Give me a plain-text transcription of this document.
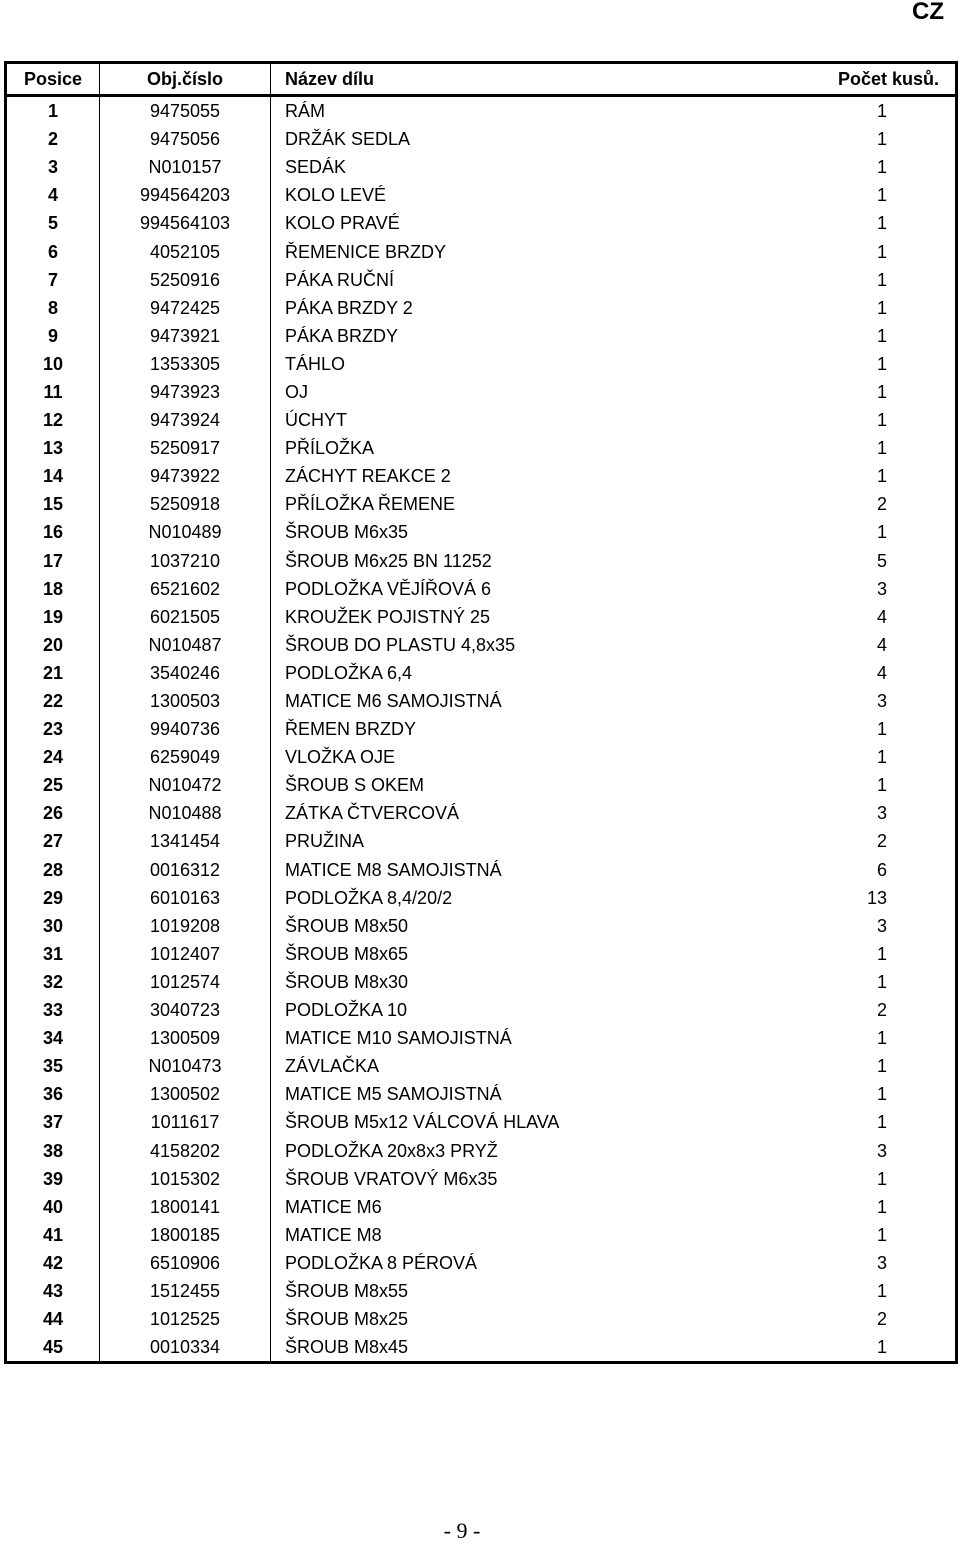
CZ
Posice	Obj.číslo	Název dílu	Počet kusů.
1	9475055	RÁM	1
2	9475056	DRŽÁK SEDLA	1
3	N010157	SEDÁK	1
4	994564203	KOLO LEVÉ	1
5	994564103	KOLO PRAVÉ	1
6	4052105	ŘEMENICE BRZDY	1
7	5250916	PÁKA RUČNÍ	1
8	9472425	PÁKA BRZDY 2	1
9	9473921	PÁKA BRZDY	1
10	1353305	TÁHLO	1
11	9473923	OJ	1
12	9473924	ÚCHYT	1
13	5250917	PŘÍLOŽKA	1
14	9473922	ZÁCHYT REAKCE 2	1
15	5250918	PŘÍLOŽKA ŘEMENE	2
16	N010489	ŠROUB M6x35	1
17	1037210	ŠROUB M6x25 BN 11252	5
18	6521602	PODLOŽKA VĚJÍŘOVÁ 6	3
19	6021505	KROUŽEK POJISTNÝ 25	4
20	N010487	ŠROUB DO PLASTU 4,8x35	4
21	3540246	PODLOŽKA 6,4	4
22	1300503	MATICE M6 SAMOJISTNÁ	3
23	9940736	ŘEMEN BRZDY	1
24	6259049	VLOŽKA OJE	1
25	N010472	ŠROUB S OKEM	1
26	N010488	ZÁTKA ČTVERCOVÁ	3
27	1341454	PRUŽINA	2
28	0016312	MATICE M8 SAMOJISTNÁ	6
29	6010163	PODLOŽKA 8,4/20/2	13
30	1019208	ŠROUB M8x50	3
31	1012407	ŠROUB M8x65	1
32	1012574	ŠROUB M8x30	1
33	3040723	PODLOŽKA 10	2
34	1300509	MATICE M10 SAMOJISTNÁ	1
35	N010473	ZÁVLAČKA	1
36	1300502	MATICE M5 SAMOJISTNÁ	1
37	1011617	ŠROUB M5x12 VÁLCOVÁ HLAVA	1
38	4158202	PODLOŽKA 20x8x3 PRYŽ	3
39	1015302	ŠROUB VRATOVÝ M6x35	1
40	1800141	MATICE M6	1
41	1800185	MATICE M8	1
42	6510906	PODLOŽKA 8 PÉROVÁ	3
43	1512455	ŠROUB M8x55	1
44	1012525	ŠROUB M8x25	2
45	0010334	ŠROUB M8x45	1
- 9 -
